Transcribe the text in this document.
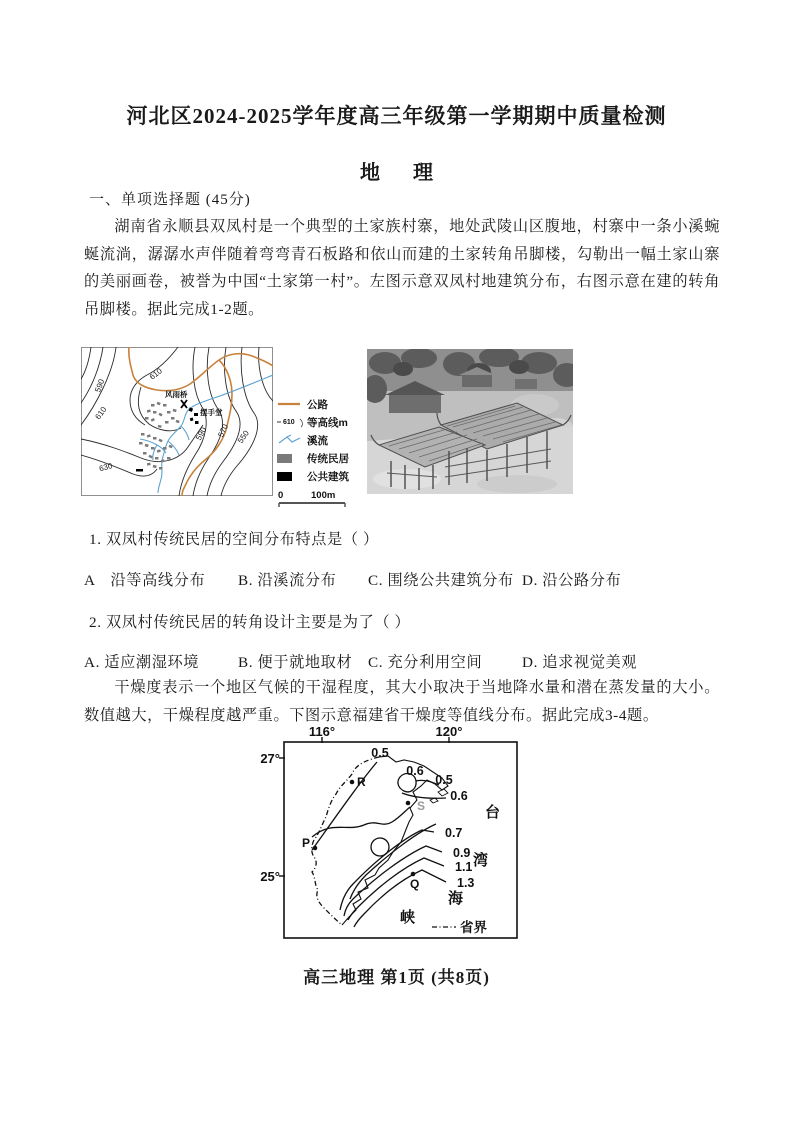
河北区2024-2025学年度高三年级第一学期期中质量检测
地 理
一、单项选择题 (45分)
湖南省永顺县双凤村是一个典型的土家族村寨，地处武陵山区腹地，村寨中一条小溪蜿蜒流淌，潺潺水声伴随着弯弯青石板路和依山而建的土家转角吊脚楼，勾勒出一幅土家山寨的美丽画卷，被誉为中国“土家第一村”。左图示意双凤村地建筑分布，右图示意在建的转角吊脚楼。据此完成1-2题。
风雨桥
摆手堂
590
610
610
630
590 570 550
公路
610 等高线m
溪流
传统民居
公共建筑
0	100m
1. 双凤村传统民居的空间分布特点是（ ）
A　沿等高线分布 B. 沿溪流分布 C. 围绕公共建筑分布 D. 沿公路分布
2. 双凤村传统民居的转角设计主要是为了（ ）
A. 适应潮湿环境	B. 便于就地取材 C. 充分利用空间	D. 追求视觉美观
干燥度表示一个地区气候的干湿程度，其大小取决于当地降水量和潜在蒸发量的大小。数值越大，干燥程度越严重。下图示意福建省干燥度等值线分布。据此完成3-4题。
116°	120°
27°
25°
0.5
0.6
0.5
0.6
0.7
0.9
1.1
1.3
R
S
P
Q
台
湾
海
峡
省界
高三地理 第1页 (共8页)
